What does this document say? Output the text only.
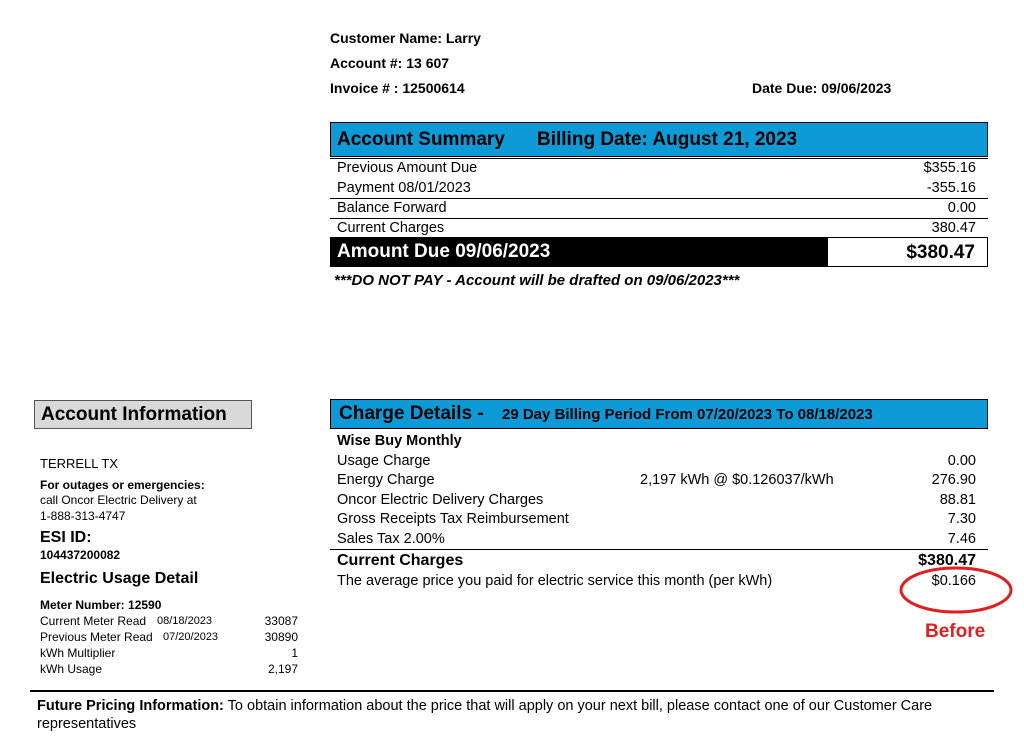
Customer Name: Larry
Account #: 13 607
Invoice # : 12500614	Date Due: 09/06/2023
Account Summary Billing Date: August 21, 2023
Previous Amount Due	$355.16
Payment 08/01/2023	-355.16
Balance Forward	0.00
Current Charges	380.47
Amount Due 09/06/2023	$380.47
***DO NOT PAY - Account will be drafted on 09/06/2023***
Account Information
TERRELL TX
For outages or emergencies:
call Oncor Electric Delivery at
1-888-313-4747
ESI ID:
104437200082
Electric Usage Detail
Meter Number: 12590
Current Meter Read 08/18/2023	33087
Previous Meter Read 07/20/2023	30890
kWh Multiplier	1
kWh Usage	2,197
Charge Details - 29 Day Billing Period From 07/20/2023 To 08/18/2023
Wise Buy Monthly
Usage Charge	0.00
Energy Charge	2,197 kWh @ $0.126037/kWh	276.90
Oncor Electric Delivery Charges	88.81
Gross Receipts Tax Reimbursement	7.30
Sales Tax 2.00%	7.46
Current Charges	$380.47
The average price you paid for electric service this month (per kWh)	$0.166
Before
Future Pricing Information: To obtain information about the price that will apply on your next bill, please contact one of our Customer Care
representatives
